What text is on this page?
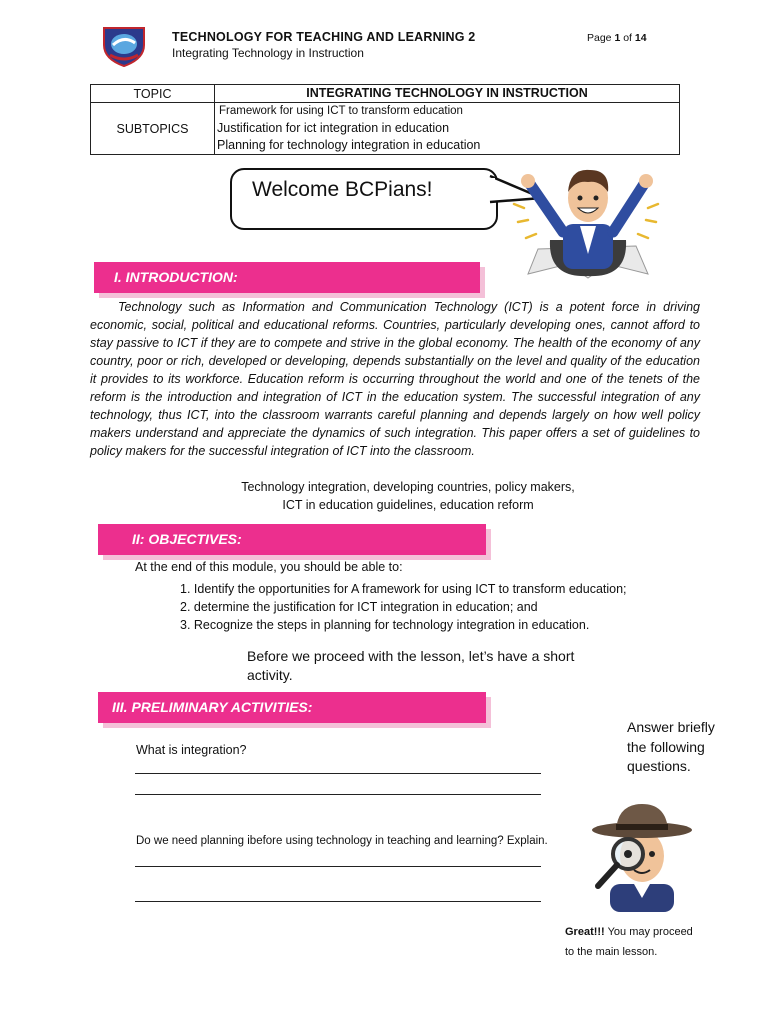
TECHNOLOGY FOR TEACHING AND LEARNING 2
Integrating Technology in Instruction
Page 1 of 14
TOPIC	INTEGRATING TECHNOLOGY IN INSTRUCTION
SUBTOPICS	Framework for using ICT to transform education
Justification for ict integration in education
Planning for technology integration in education
Welcome BCPians!
I. INTRODUCTION:
Technology such as Information and Communication Technology (ICT) is a potent force in driving economic, social, political and educational reforms. Countries, particularly developing ones, cannot afford to stay passive to ICT if they are to compete and strive in the global economy. The health of the economy of any country, poor or rich, developed or developing, depends substantially on the level and quality of the education it provides to its workforce. Education reform is occurring throughout the world and one of the tenets of the reform is the introduction and integration of ICT in the education system. The successful integration of any technology, thus ICT, into the classroom warrants careful planning and depends largely on how well policy makers understand and appreciate the dynamics of such integration. This paper offers a set of guidelines to policy makers for the successful integration of ICT into the classroom.
Technology integration, developing countries, policy makers,
ICT in education guidelines, education reform
II: OBJECTIVES:
At the end of this module, you should be able to:
1. Identify the opportunities for A framework for using ICT to transform education;
2. determine the justification for ICT integration in education; and
3. Recognize the steps in planning for technology integration in education.
Before we proceed with the lesson, let’s have a short activity.
III. PRELIMINARY ACTIVITIES:
What is integration?
Do we need planning ibefore using technology in teaching and learning? Explain.
Answer briefly the following questions.
Great!!! You may proceed to the main lesson.
